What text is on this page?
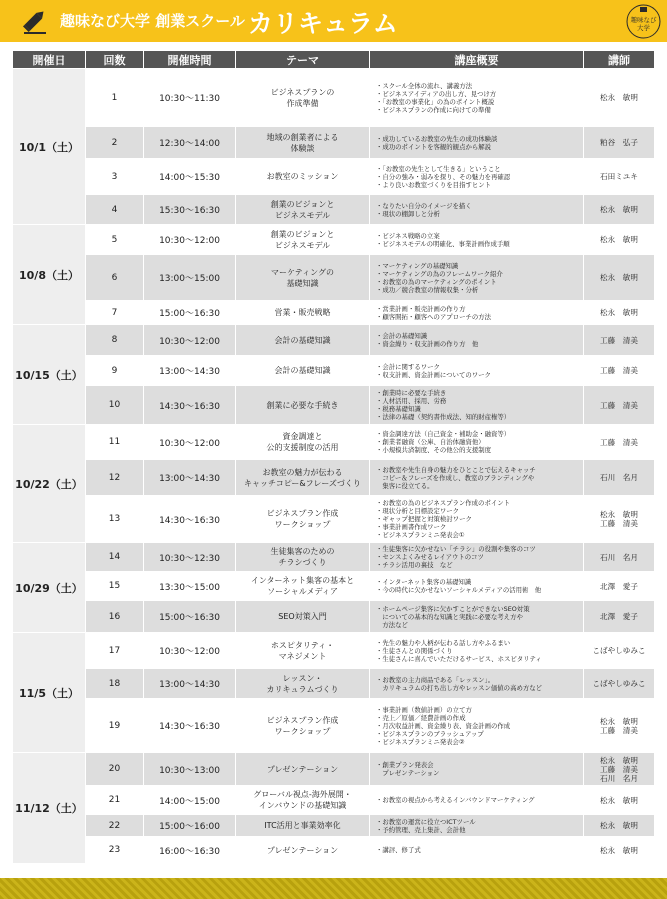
趣味なび大学 創業スクール カリキュラム	趣味なび
大学
開催日	回数	開催時間	テーマ	講座概要	講師
10/1（土）	1	10:30～11:30	ビジネスプランの
作成準備	・スクール全体の流れ、講義方法
・ビジネスアイディアの出し方、見つけ方
・「お教室の事業化」の為のポイント概説
・ビジネスプランの作成に向けての準備	松永　敏明
	2	12:30～14:00	地域の創業者による
体験談	・成功しているお教室の先生の成功体験談
・成功のポイントを客観的観点から解説	粕谷　弘子
	3	14:00～15:30	お教室のミッション	・「お教室の先生として生きる」ということ
・自分の強み・弱みを探り、その魅力を再確認
・より良いお教室づくりを目指すヒント	石田ミユキ
	4	15:30～16:30	創業のビジョンと
ビジネスモデル	・なりたい自分のイメージを描く
・現状の棚卸しと分析	松永　敏明
10/8（土）	5	10:30～12:00	創業のビジョンと
ビジネスモデル	・ビジネス戦略の立案
・ビジネスモデルの明確化、事業計画作成手順	松永　敏明
	6	13:00～15:00	マーケティングの
基礎知識	・マーケティングの基礎知識
・マーケティングの為のフレームワーク紹介
・お教室の為のマーケティングのポイント
・成功／競合教室の情報収集・分析	松永　敏明
	7	15:00～16:30	営業・販売戦略	・営業計画・販売計画の作り方
・顧客開拓・顧客へのアプローチの方法	松永　敏明
10/15（土）	8	10:30～12:00	会計の基礎知識	・会計の基礎知識
・資金繰り・収支計画の作り方　他	工藤　清美
	9	13:00～14:30	会計の基礎知識	・会計に関するワーク
・収支計画、資金計画についてのワーク	工藤　清美
	10	14:30～16:30	創業に必要な手続き	・創業時に必要な手続き
・人材活用、採用、労務
・税務基礎知識
・法律の基礎（契約書作成法、知的財産権等）	工藤　清美
10/22（土）	11	10:30～12:00	資金調達と
公的支援制度の活用	・資金調達方法（自己資金・補助金・融資等）
・創業者融資（公庫、自治体融資他）
・小規模共済制度、その他公的支援制度	工藤　清美
	12	13:00～14:30	お教室の魅力が伝わる
キャッチコピー&フレーズづくり	・お教室や先生自身の魅力をひとことで伝えるキャッチ
　コピー＆フレーズを作成し、教室のブランディングや
　集客に役立てる。	石川　名月
	13	14:30～16:30	ビジネスプラン作成
ワークショップ	・お教室の為のビジネスプラン作成のポイント
・現状分析と目標設定ワーク
・ギャップ把握と対策検討ワーク
・事業計画書作成ワーク
・ビジネスプランミニ発表会①	松永　敏明
工藤　清美
10/29（土）	14	10:30～12:30	生徒集客のための
チラシづくり	・生徒集客に欠かせない「チラシ」の役割や集客のコツ
・センスよくみせるレイアウトのコツ
・チラシ活用の裏技　など	石川　名月
	15	13:30～15:00	インターネット集客の基本と
ソーシャルメディア	・インターネット集客の基礎知識
・今の時代に欠かせないソーシャルメディアの活用術　他	北澤　愛子
	16	15:00～16:30	SEO対策入門	・ホームページ集客に欠かすことができないSEO対策
　についての基本的な知識と実践に必要な考え方や
　方法など	北澤　愛子
11/5（土）	17	10:30～12:00	ホスピタリティ・
マネジメント	・先生の魅力や人柄が伝わる話し方やふるまい
・生徒さんとの関係づくり
・生徒さんに喜んでいただけるサービス、ホスピタリティ	こばやしゆみこ
	18	13:00～14:30	レッスン・
カリキュラムづくり	・お教室の主力商品である「レッスン」。
　カリキュラムの打ち出し方やレッスン価値の高め方など	こばやしゆみこ
	19	14:30～16:30	ビジネスプラン作成
ワークショップ	・事業計画（数値計画）の立て方
・売上／原価／経費計画の作成
・月次収益計画、資金繰り表、資金計画の作成
・ビジネスプランのブラッシュアップ
・ビジネスプランミニ発表会②	松永　敏明
工藤　清美
11/12（土）	20	10:30～13:00	プレゼンテーション	・創業プラン発表会
　プレゼンテーション	松永　敏明
工藤　清美
石川　名月
	21	14:00～15:00	グローバル視点-海外展開・
インバウンドの基礎知識	・お教室の視点から考えるインバウンドマーケティング	松永　敏明
	22	15:00～16:00	ITC活用と事業効率化	・お教室の運営に役立つICTツール
・予約管理、売上集計、会計他	松永　敏明
	23	16:00～16:30	プレゼンテーション	・講評、修了式	松永　敏明
